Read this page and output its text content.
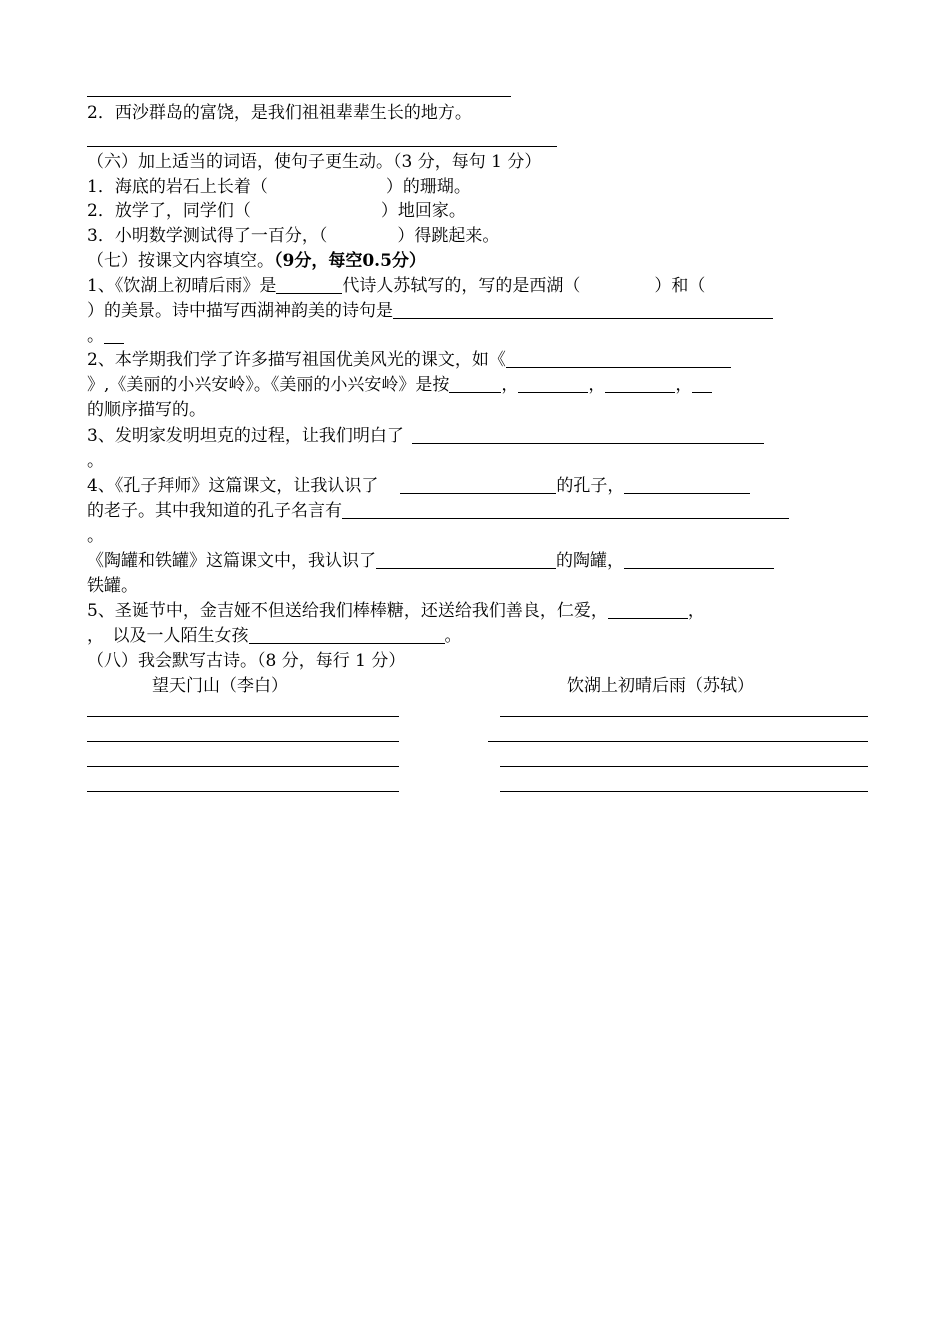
2．西沙群岛的富饶，是我们祖祖辈辈生长的地方。
（六）加上适当的词语，使句子更生动。（3 分，每句 1 分）
1．海底的岩石上长着（	）的珊瑚。
2．放学了，同学们（	）地回家。
3．小明数学测试得了一百分，（	）得跳起来。
（七）按课文内容填空。（9分，每空0.5分）
1、《饮湖上初晴后雨》是	代诗人苏轼写的，写的是西湖（	）和（
）的美景。诗中描写西湖神韵美的诗句是
。
2、本学期我们学了许多描写祖国优美风光的课文，如《
》,《美丽的小兴安岭》。《美丽的小兴安岭》是按	，	，	，
的顺序描写的。
3、发明家发明坦克的过程，让我们明白了
。
4、《孔子拜师》这篇课文，让我认识了	的孔子，
的老子。其中我知道的孔子名言有
。
《陶罐和铁罐》这篇课文中，我认识了	的陶罐，
铁罐。
5、圣诞节中，金吉娅不但送给我们棒棒糖，还送给我们善良，仁爱，	，
，　以及一人陌生女孩	。
（八）我会默写古诗。（8 分，每行 1 分）
望天门山（李白）	饮湖上初晴后雨（苏轼）
